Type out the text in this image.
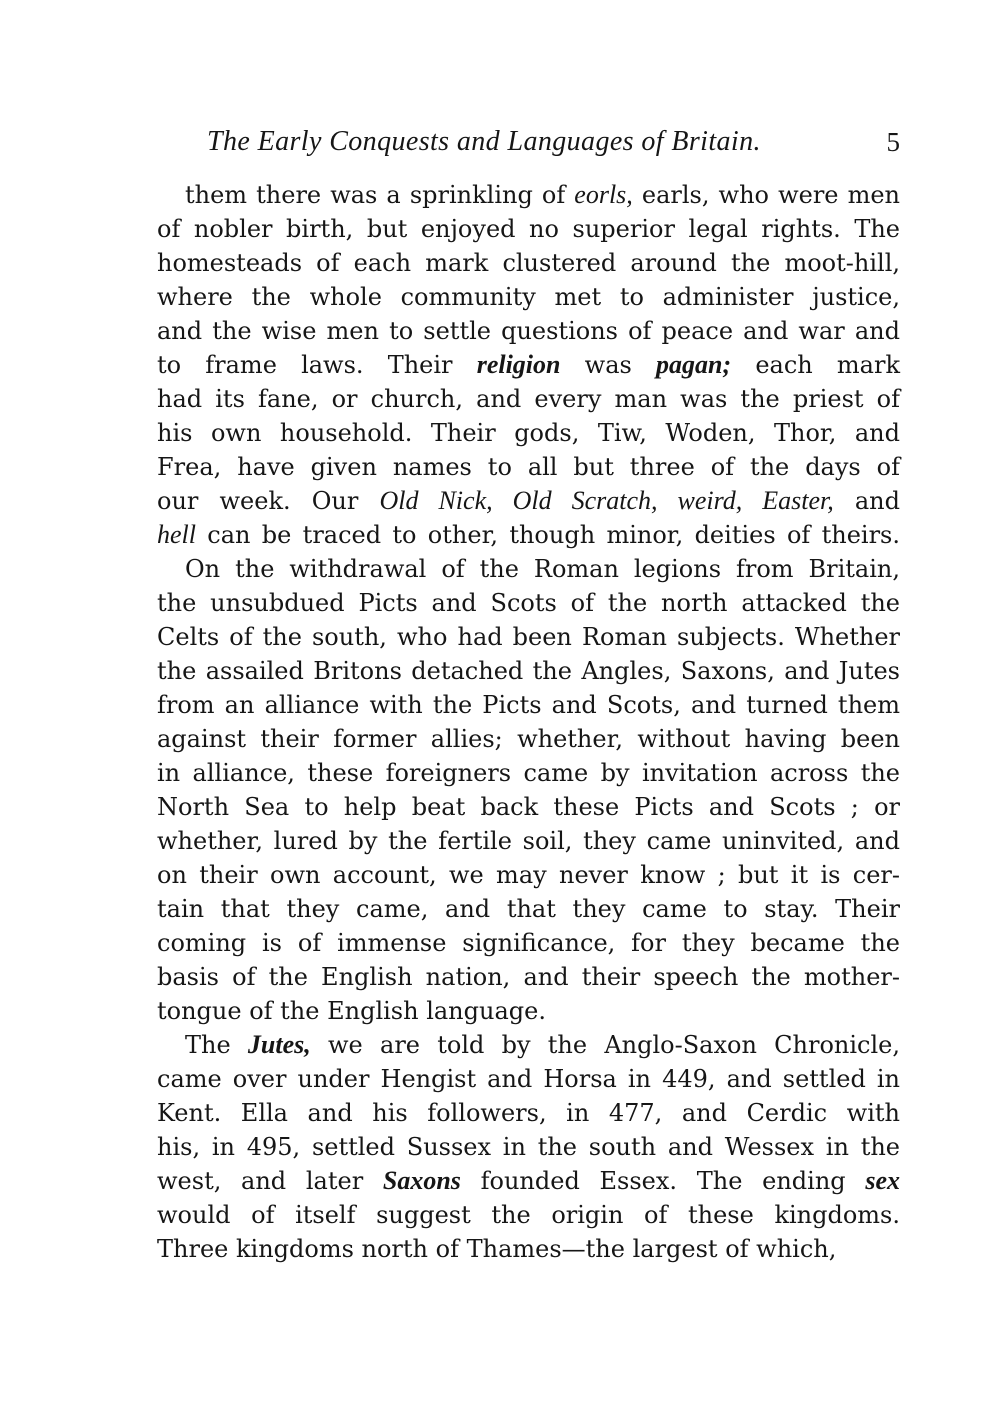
The Early Conquests and Languages of Britain.	5
them there was a sprinkling of eorls, earls, who were men
of nobler birth, but enjoyed no superior legal rights. The
homesteads of each mark clustered around the moot-hill,
where the whole community met to administer justice,
and the wise men to settle questions of peace and war and
to frame laws. Their religion was pagan; each mark
had its fane, or church, and every man was the priest of
his own household. Their gods, Tiw, Woden, Thor, and
Frea, have given names to all but three of the days of
our week. Our Old Nick, Old Scratch, weird, Easter, and
hell can be traced to other, though minor, deities of theirs.
On the withdrawal of the Roman legions from Britain,
the unsubdued Picts and Scots of the north attacked the
Celts of the south, who had been Roman subjects. Whether
the assailed Britons detached the Angles, Saxons, and Jutes
from an alliance with the Picts and Scots, and turned them
against their former allies; whether, without having been
in alliance, these foreigners came by invitation across the
North Sea to help beat back these Picts and Scots ; or
whether, lured by the fertile soil, they came uninvited, and
on their own account, we may never know ; but it is cer-
tain that they came, and that they came to stay. Their
coming is of immense significance, for they became the
basis of the English nation, and their speech the mother-
tongue of the English language.
The Jutes, we are told by the Anglo-Saxon Chronicle,
came over under Hengist and Horsa in 449, and settled in
Kent. Ella and his followers, in 477, and Cerdic with
his, in 495, settled Sussex in the south and Wessex in the
west, and later Saxons founded Essex. The ending sex
would of itself suggest the origin of these kingdoms.
Three kingdoms north of Thames—the largest of which,
